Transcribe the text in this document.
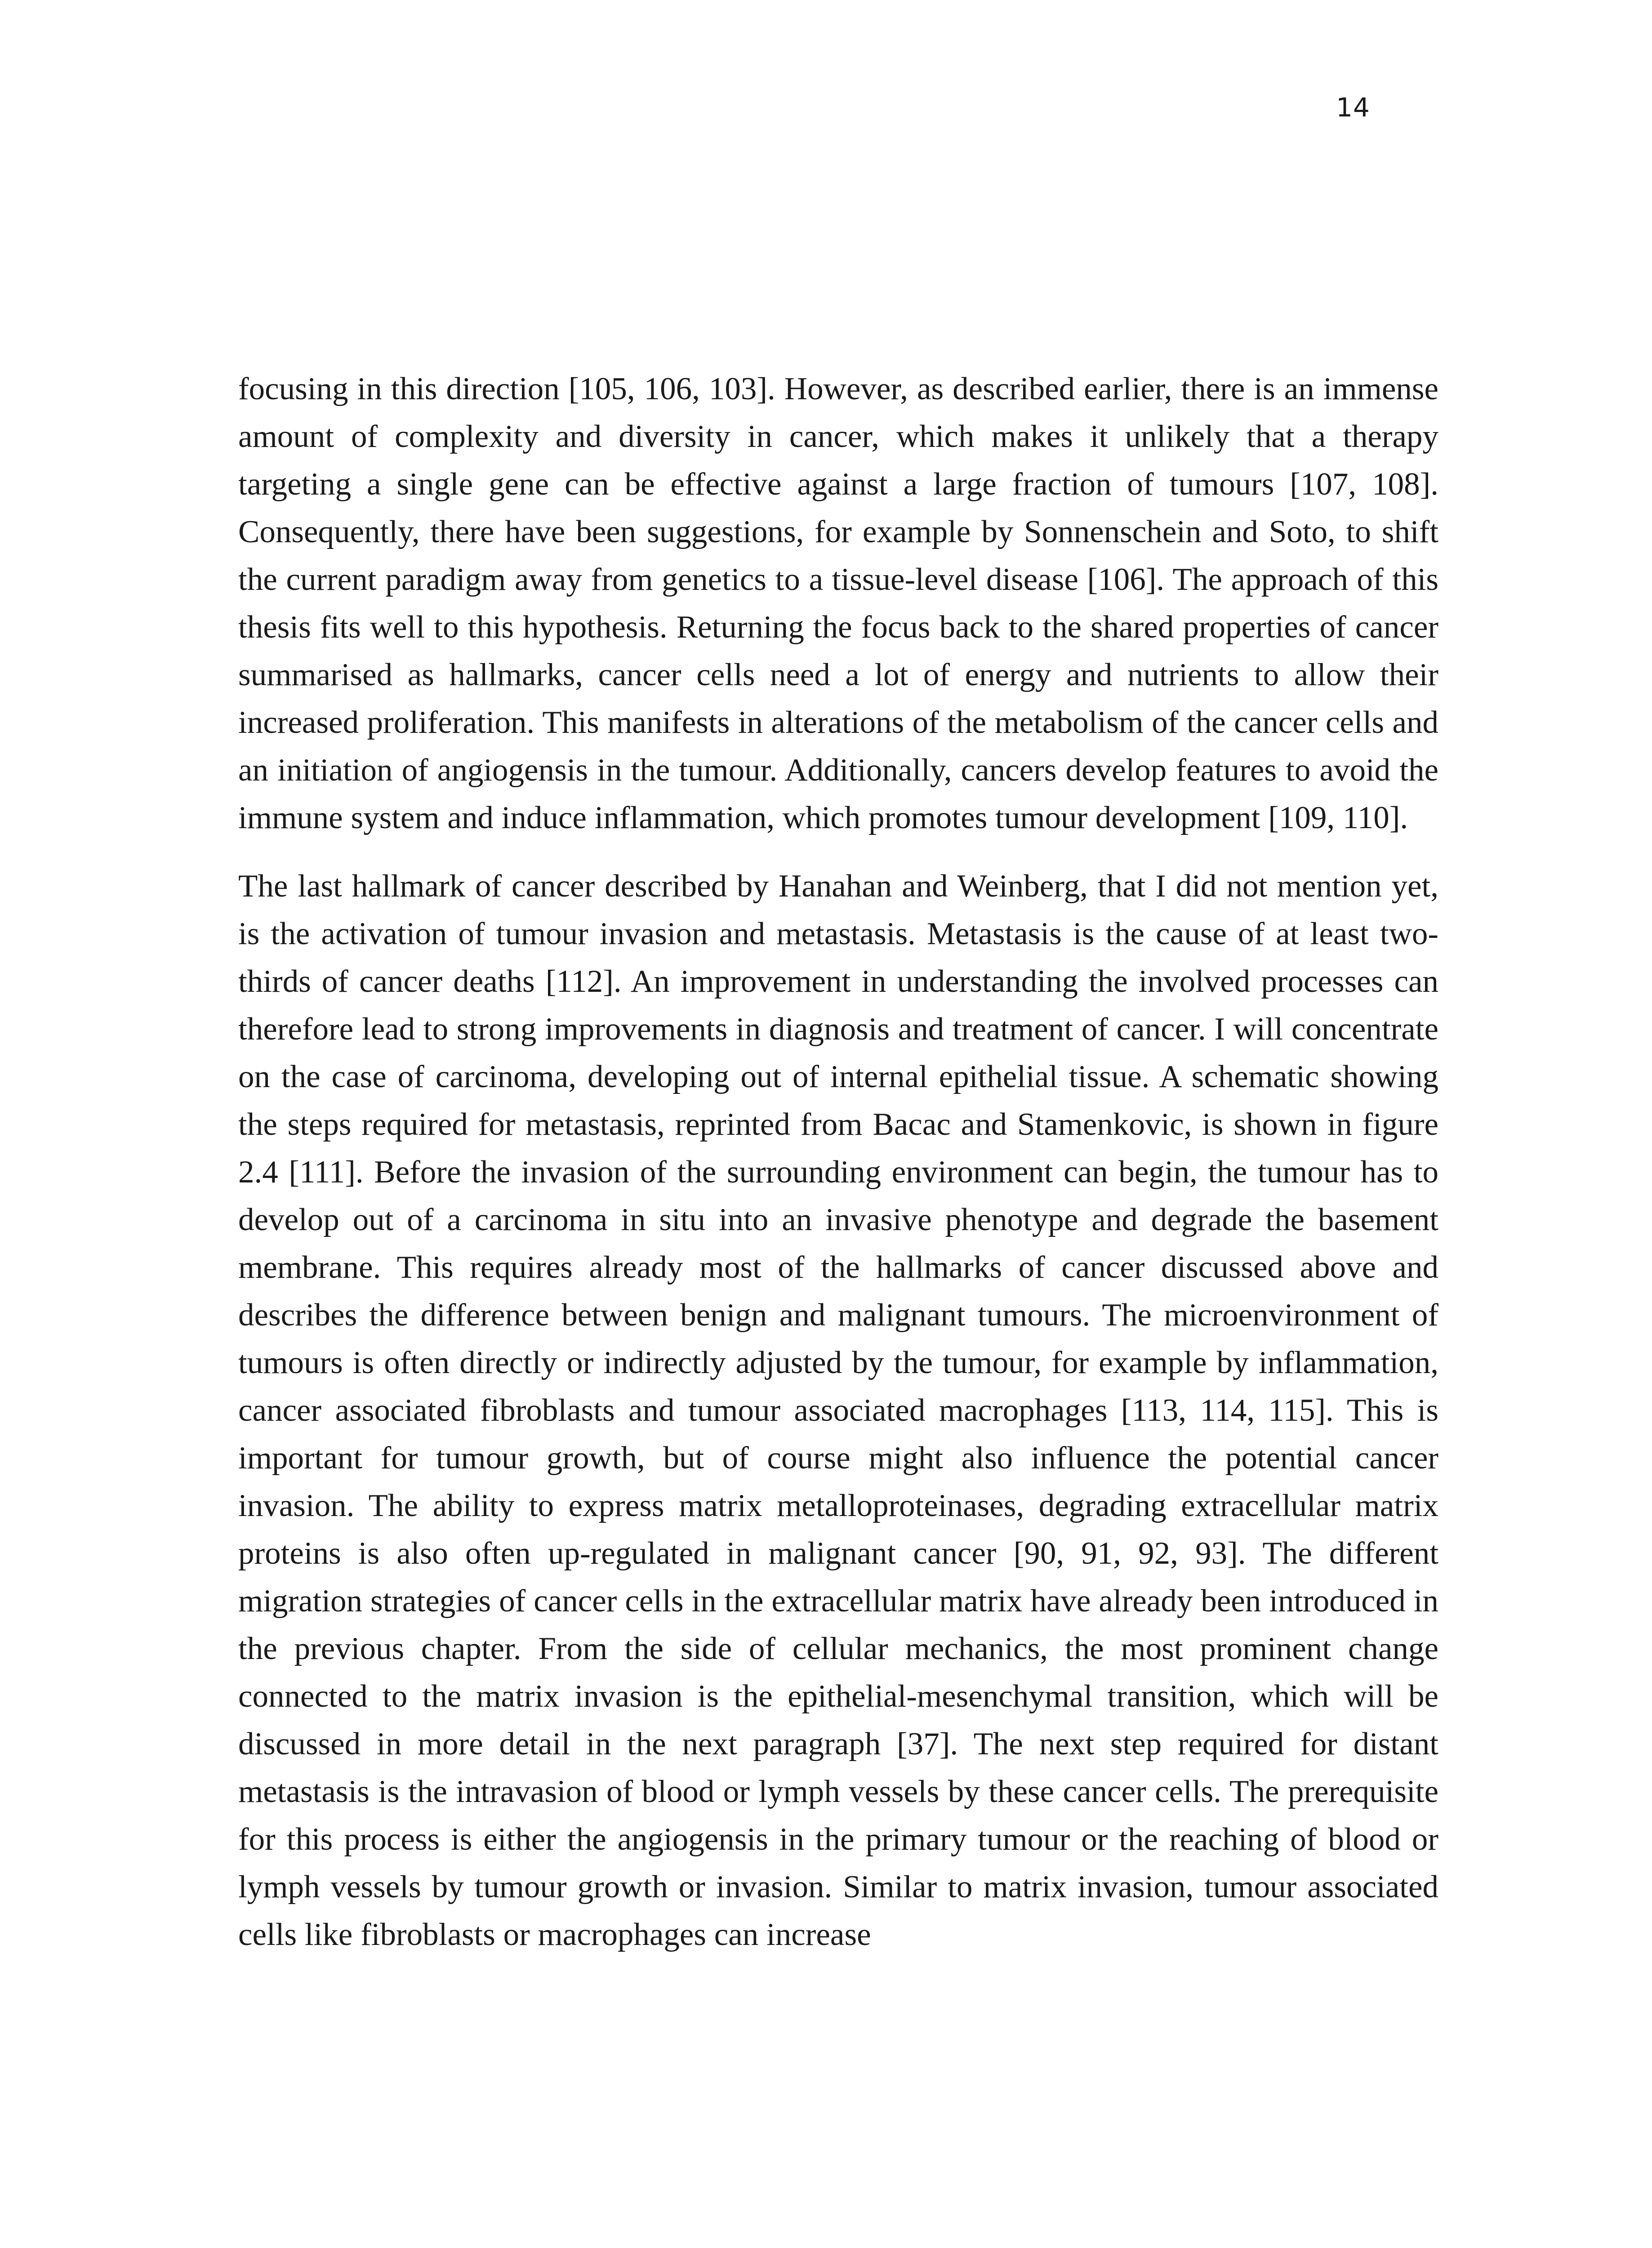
14

focusing in this direction [105, 106, 103]. However, as described earlier, there is an immense amount of complexity and diversity in cancer, which makes it unlikely that a therapy targeting a single gene can be effective against a large fraction of tumours [107, 108]. Consequently, there have been suggestions, for example by Sonnenschein and Soto, to shift the current paradigm away from genetics to a tissue-level disease [106]. The approach of this thesis fits well to this hypothesis. Returning the focus back to the shared properties of cancer summarised as hallmarks, cancer cells need a lot of energy and nutrients to allow their increased proliferation. This manifests in alterations of the metabolism of the cancer cells and an initiation of angiogensis in the tumour. Additionally, cancers develop features to avoid the immune system and induce inflammation, which promotes tumour development [109, 110].

The last hallmark of cancer described by Hanahan and Weinberg, that I did not mention yet, is the activation of tumour invasion and metastasis. Metastasis is the cause of at least two-thirds of cancer deaths [112]. An improvement in understanding the involved processes can therefore lead to strong improvements in diagnosis and treatment of cancer. I will concentrate on the case of carcinoma, developing out of internal epithelial tissue. A schematic showing the steps required for metastasis, reprinted from Bacac and Stamenkovic, is shown in figure 2.4 [111]. Before the invasion of the surrounding environment can begin, the tumour has to develop out of a carcinoma in situ into an invasive phenotype and degrade the basement membrane. This requires already most of the hallmarks of cancer discussed above and describes the difference between benign and malignant tumours. The microenvironment of tumours is often directly or indirectly adjusted by the tumour, for example by inflammation, cancer associated fibroblasts and tumour associated macrophages [113, 114, 115]. This is important for tumour growth, but of course might also influence the potential cancer invasion. The ability to express matrix metalloproteinases, degrading extracellular matrix proteins is also often up-regulated in malignant cancer [90, 91, 92, 93]. The different migration strategies of cancer cells in the extracellular matrix have already been introduced in the previous chapter. From the side of cellular mechanics, the most prominent change connected to the matrix invasion is the epithelial-mesenchymal transition, which will be discussed in more detail in the next paragraph [37]. The next step required for distant metastasis is the intravasion of blood or lymph vessels by these cancer cells. The prerequisite for this process is either the angiogensis in the primary tumour or the reaching of blood or lymph vessels by tumour growth or invasion. Similar to matrix invasion, tumour associated cells like fibroblasts or macrophages can increase
